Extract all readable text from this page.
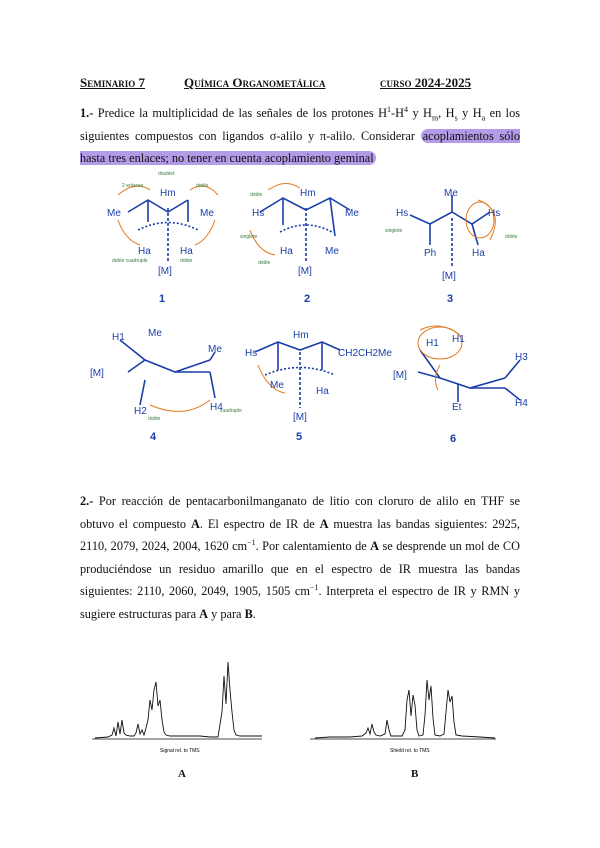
Seminario 7	Química Organometálica	curso 2024-2025
1.- Predice la multiplicidad de las señales de los protones $H^1-H^4$ y $H_m$, $H_s$ y $H_a$ en los siguientes compuestos con ligandos σ-alilo y π-alilo. Considerar acoplamientos sólo hasta tres enlaces; no tener en cuenta acoplamiento geminal
Hm
Me	Me
Ha	Ha
[M]
Hm
Hs
Ha	Me
Me
[M]
Me
Hs	Hs
Ph	Ha
[M]
H1 Me
[M]
H2	H4
Me
Hm
Hs	CH2CH2Me
Me
Ha
[M]
H1 H1
[M]
Et
H3
H4
2 enlaces
doublet
doble
doble cuadruple	doble
doble
singlete
doble
singlete
doble
cuadruple
doble
1	2	3
4	5	6
Signal rel. to TMS	Shield rel. to TMS
2.- Por reacción de pentacarbonilmanganato de litio con cloruro de alilo en THF se obtuvo el compuesto A. El espectro de IR de A muestra las bandas siguientes: 2925, 2110, 2079, 2024, 2004, 1620 $cm^{-1}$. Por calentamiento de A se desprende un mol de CO produciéndose un residuo amarillo que en el espectro de IR muestra las bandas siguientes: 2110, 2060, 2049, 1905, 1505 $cm^{-1}$. Interpreta el espectro de IR y RMN y sugiere estructuras para A y para B.
A	B
